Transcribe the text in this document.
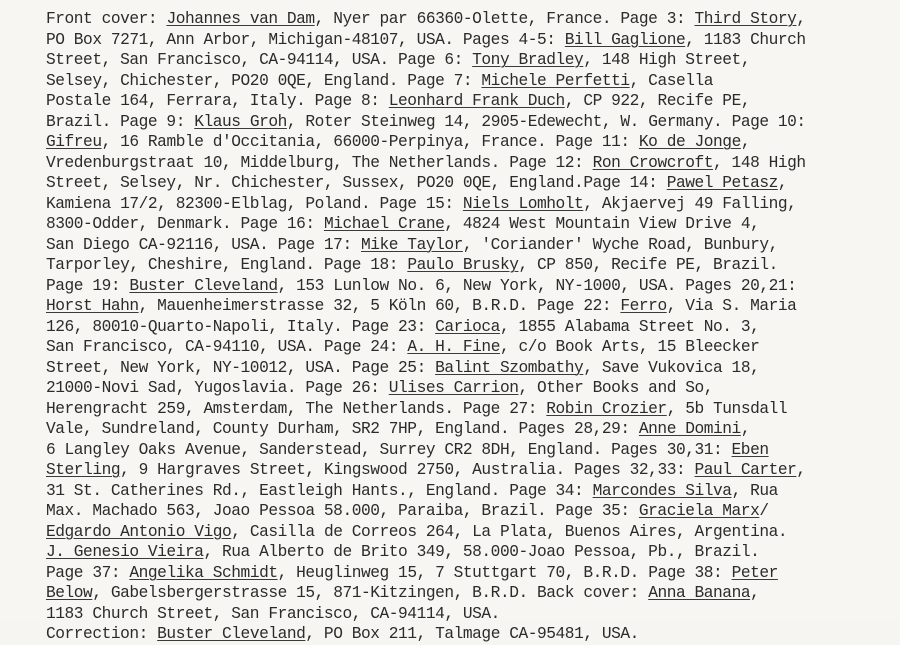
Front cover: Johannes van Dam, Nyer par 66360-Olette, France. Page 3: Third Story,
PO Box 7271, Ann Arbor, Michigan-48107, USA. Pages 4-5: Bill Gaglione, 1183 Church
Street, San Francisco, CA-94114, USA. Page 6: Tony Bradley, 148 High Street,
Selsey, Chichester, PO20 0QE, England. Page 7: Michele Perfetti, Casella
Postale 164, Ferrara, Italy. Page 8: Leonhard Frank Duch, CP 922, Recife PE,
Brazil. Page 9: Klaus Groh, Roter Steinweg 14, 2905-Edewecht, W. Germany. Page 10:
Gifreu, 16 Ramble d'Occitania, 66000-Perpinya, France. Page 11: Ko de Jonge,
Vredenburgstraat 10, Middelburg, The Netherlands. Page 12: Ron Crowcroft, 148 High
Street, Selsey, Nr. Chichester, Sussex, PO20 0QE, England.Page 14: Pawel Petasz,
Kamiena 17/2, 82300-Elblag, Poland. Page 15: Niels Lomholt, Akjaervej 49 Falling,
8300-Odder, Denmark. Page 16: Michael Crane, 4824 West Mountain View Drive 4,
San Diego CA-92116, USA. Page 17: Mike Taylor, 'Coriander' Wyche Road, Bunbury,
Tarporley, Cheshire, England. Page 18: Paulo Brusky, CP 850, Recife PE, Brazil.
Page 19: Buster Cleveland, 153 Lunlow No. 6, New York, NY-1000, USA. Pages 20,21:
Horst Hahn, Mauenheimerstrasse 32, 5 Köln 60, B.R.D. Page 22: Ferro, Via S. Maria
126, 80010-Quarto-Napoli, Italy. Page 23: Carioca, 1855 Alabama Street No. 3,
San Francisco, CA-94110, USA. Page 24: A. H. Fine, c/o Book Arts, 15 Bleecker
Street, New York, NY-10012, USA. Page 25: Balint Szombathy, Save Vukovica 18,
21000-Novi Sad, Yugoslavia. Page 26: Ulises Carrion, Other Books and So,
Herengracht 259, Amsterdam, The Netherlands. Page 27: Robin Crozier, 5b Tunsdall
Vale, Sundreland, County Durham, SR2 7HP, England. Pages 28,29: Anne Domini,
6 Langley Oaks Avenue, Sanderstead, Surrey CR2 8DH, England. Pages 30,31: Eben
Sterling, 9 Hargraves Street, Kingswood 2750, Australia. Pages 32,33: Paul Carter,
31 St. Catherines Rd., Eastleigh Hants., England. Page 34: Marcondes Silva, Rua
Max. Machado 563, Joao Pessoa 58.000, Paraiba, Brazil. Page 35: Graciela Marx/
Edgardo Antonio Vigo, Casilla de Correos 264, La Plata, Buenos Aires, Argentina.
J. Genesio Vieira, Rua Alberto de Brito 349, 58.000-Joao Pessoa, Pb., Brazil.
Page 37: Angelika Schmidt, Heuglinweg 15, 7 Stuttgart 70, B.R.D. Page 38: Peter
Below, Gabelsbergerstrasse 15, 871-Kitzingen, B.R.D. Back cover: Anna Banana,
1183 Church Street, San Francisco, CA-94114, USA.
Correction: Buster Cleveland, PO Box 211, Talmage CA-95481, USA.
